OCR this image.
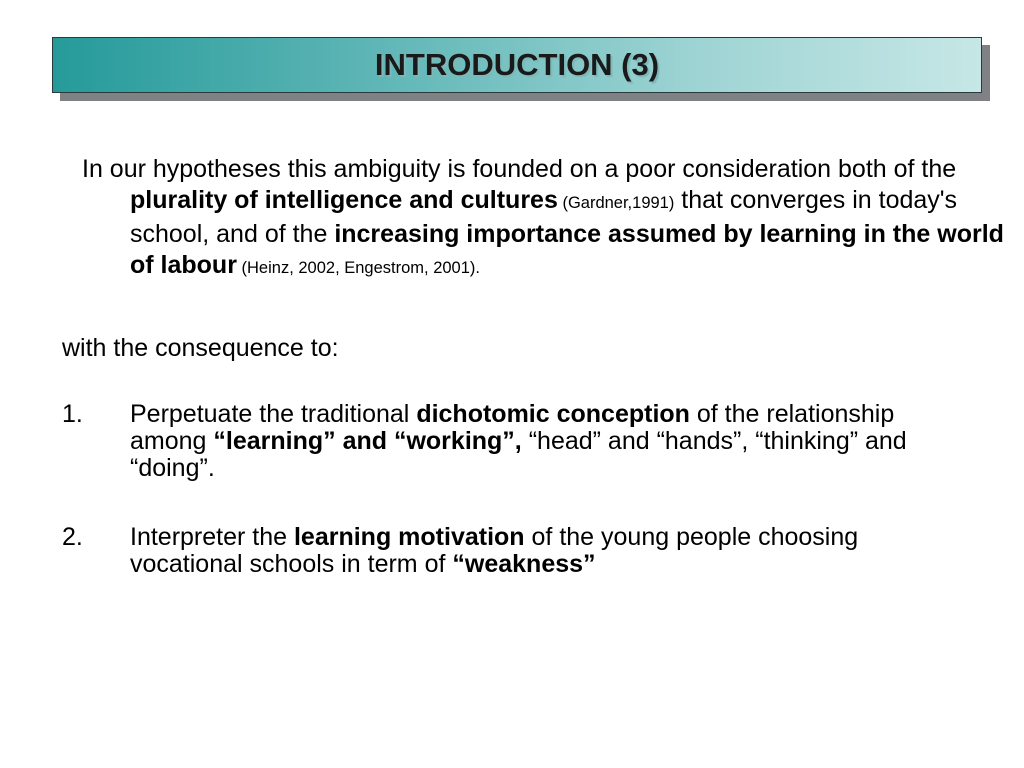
INTRODUCTION (3)
In our hypotheses this ambiguity is founded on a poor consideration both of the plurality of intelligence and cultures (Gardner,1991) that converges in today's school, and of the increasing importance assumed by learning in the world of labour (Heinz, 2002, Engestrom, 2001).
with the consequence to:
1. Perpetuate the traditional dichotomic conception of the relationship among “learning” and “working”, “head” and “hands”, “thinking” and “doing”.
2. Interpreter the learning motivation of the young people choosing vocational schools in term of “weakness”
